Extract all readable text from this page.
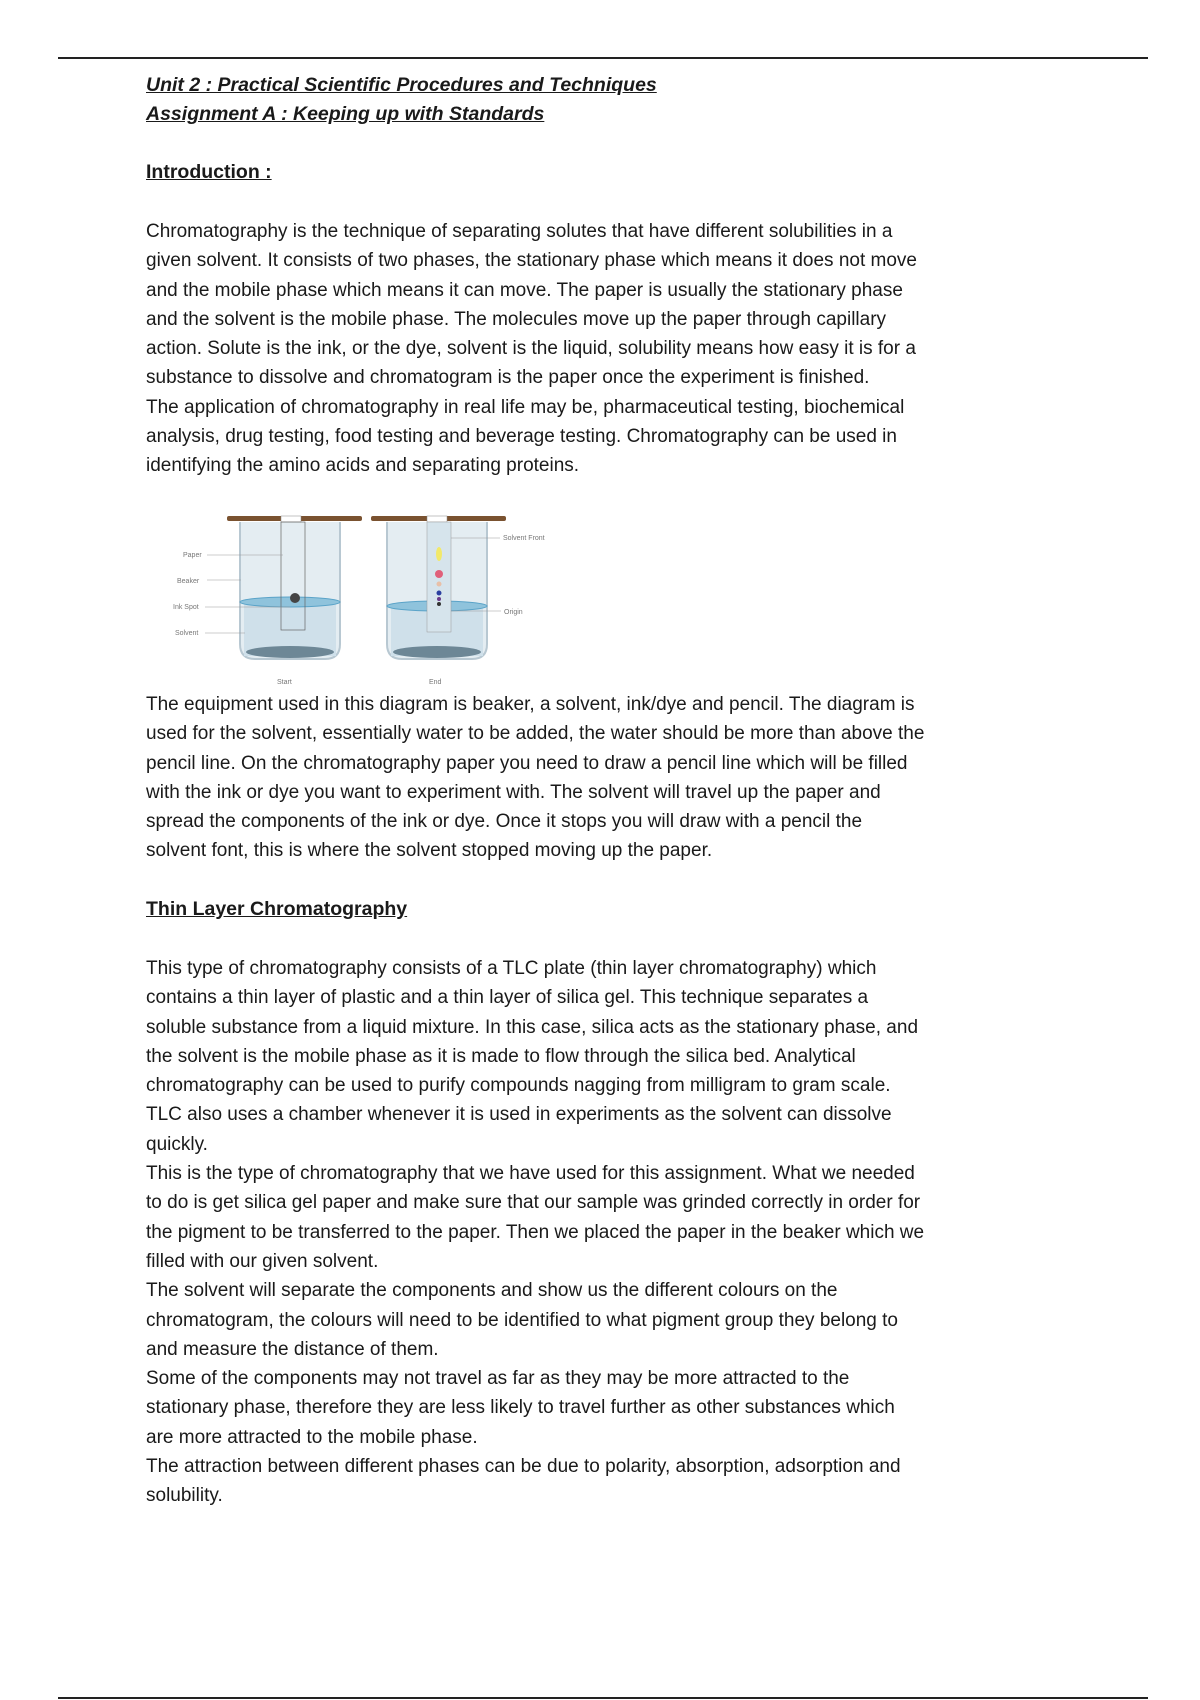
Unit 2 : Practical Scientific Procedures and Techniques
Assignment A : Keeping up with Standards
Introduction :
Chromatography is the technique of separating solutes that have different solubilities in a
given solvent. It consists of two phases, the stationary phase which means it does not move
and the mobile phase which means it can move. The paper is usually the stationary phase
and the solvent is the mobile phase. The molecules move up the paper through capillary
action. Solute is the ink, or the dye, solvent is the liquid, solubility means how easy it is for a
substance to dissolve and chromatogram is the paper once the experiment is finished.
The application of chromatography in real life may be, pharmaceutical testing, biochemical
analysis, drug testing, food testing and beverage testing. Chromatography can be used in
identifying the amino acids and separating proteins.
Paper
Beaker
Ink Spot
Solvent
Solvent Front
Origin
Start	End
The equipment used in this diagram is beaker, a solvent, ink/dye and pencil. The diagram is
used for the solvent, essentially water to be added, the water should be more than above the
pencil line. On the chromatography paper you need to draw a pencil line which will be filled
with the ink or dye you want to experiment with. The solvent will travel up the paper and
spread the components of the ink or dye. Once it stops you will draw with a pencil the
solvent font, this is where the solvent stopped moving up the paper.
Thin Layer Chromatography
This type of chromatography consists of a TLC plate (thin layer chromatography) which
contains a thin layer of plastic and a thin layer of silica gel. This technique separates a
soluble substance from a liquid mixture. In this case, silica acts as the stationary phase, and
the solvent is the mobile phase as it is made to flow through the silica bed. Analytical
chromatography can be used to purify compounds nagging from milligram to gram scale.
TLC also uses a chamber whenever it is used in experiments as the solvent can dissolve
quickly.
This is the type of chromatography that we have used for this assignment. What we needed
to do is get silica gel paper and make sure that our sample was grinded correctly in order for
the pigment to be transferred to the paper. Then we placed the paper in the beaker which we
filled with our given solvent.
The solvent will separate the components and show us the different colours on the
chromatogram, the colours will need to be identified to what pigment group they belong to
and measure the distance of them.
Some of the components may not travel as far as they may be more attracted to the
stationary phase, therefore they are less likely to travel further as other substances which
are more attracted to the mobile phase.
The attraction between different phases can be due to polarity, absorption, adsorption and
solubility.
